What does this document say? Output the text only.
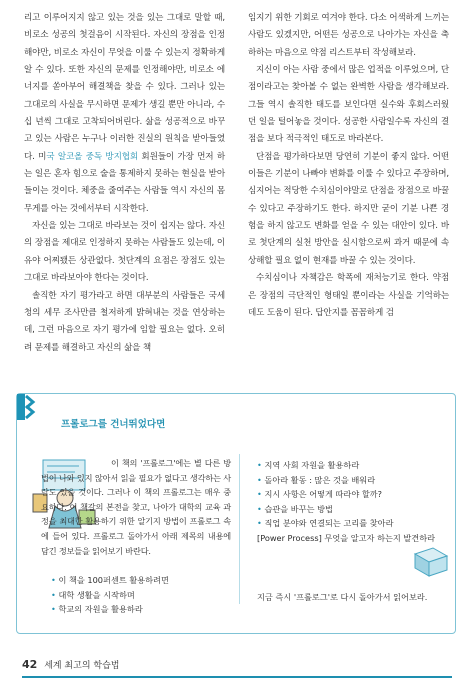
리고 이루어지지 않고 있는 것을 있는 그대로 말할 때, 비로소 성공의 첫걸음이 시작된다. 자신의 장점을 인정해야만, 비로소 자신이 무엇을 이룰 수 있는지 정확하게 알 수 있다. 또한 자신의 문제를 인정해야만, 비로소 에너지를 쏟아부어 해결책을 찾을 수 있다. 그러나 있는 그대로의 사실을 무시하면 문제가 생길 뿐만 아니라, 수십 년씩 그대로 고착되어버린다. 삶을 성공적으로 바꾸고 있는 사람은 누구나 이러한 진실의 원칙을 받아들였다. 미국 알코올 중독 방지협회 회원들이 가장 먼저 하는 일은 혼자 힘으로 술을 통제하지 못하는 현실을 받아들이는 것이다. 체중을 줄여주는 사람들 역시 자신의 몸무게를 아는 것에서부터 시작한다.

자신을 있는 그대로 바라보는 것이 쉽지는 않다. 자신의 장점을 제대로 인정하지 못하는 사람들도 있는데, 이유야 어찌됐든 상관없다. 첫단계의 요점은 장점도 있는 그대로 바라보아야 한다는 것이다.

솔직한 자기 평가라고 하면 대부분의 사람들은 국세청의 세무 조사만큼 철저하게 밝혀내는 것을 연상하는데, 그런 마음으로 자기 평가에 임할 필요는 없다. 오히려 문제를 해결하고 자신의 삶을 책

임지기 위한 기회로 여겨야 한다. 다소 어색하게 느끼는 사람도 있겠지만, 어떤든 성공으로 나아가는 자신을 축하하는 마음으로 약점 리스트부터 작성해보라.

지신이 아는 사람 중에서 많은 업적을 이루었으며, 단점이라고는 찾아볼 수 없는 완벽한 사람을 생각해보라. 그들 역시 솔직한 태도를 보인다면 실수와 후회스러웠던 일을 털어놓을 것이다. 성공한 사람일수록 자신의 결점을 보다 적극적인 태도로 바라본다.

단점을 평가하다보면 당연히 기분이 좋지 않다. 어떤 이들은 기분이 나빠야 변화를 이룰 수 있다고 주장하며, 심지어는 적당한 수치심이야말로 단점을 장점으로 바꿀 수 있다고 주장하기도 한다. 하지만 굳이 기분 나쁜 경험을 하지 않고도 변화를 얻을 수 있는 대안이 있다. 바로 첫단계의 실천 방안을 실시함으로써 과거 때문에 속상해할 필요 없이 현재를 바꿀 수 있는 것이다.

수치심이나 자책감은 학폭에 재처능기로 한다. 약점은 장점의 극단적인 형태일 뿐이라는 사실을 기억하는 데도 도움이 된다. 답안지를 꼼꼼하게 검

프롤로그를 건너뛰었다면
이 책의 '프롤로그'에는 별 다른 방법이 나와 있지 않아서 읽을 필요가 없다고 생각하는 사람도 있을 것이다. 그러나 이 책의 프롤로그는 매우 중요하다. 이 책갈의 본전을 찾고, 나아가 대학의 교육 과정을 최대한 활용하기 위한 알기지 방법이 프롤로그 속에 들어 있다. 프롤로그 돌아가서 아래 제목의 내용에 담긴 정보들을 읽어보기 바란다.
• 이 책을 100퍼센트 활용하려면
• 대학 생활을 시작하며
• 학교의 자원을 활용하라
• 지역 사회 자원을 활용하라
• 돌아라 활동 : 많은 것을 배워라
• 지시 사항은 어떻게 따라야 할까?
• 습관을 바꾸는 방법
• 직업 분야와 연결되는 고리를 찾아라
[Power Process] 무엇을 알고자 하는지 발견하라
지금 즉시 '프롤로그'로 다시 돌아가서 읽어보라.
42 세계 최고의 학습법
